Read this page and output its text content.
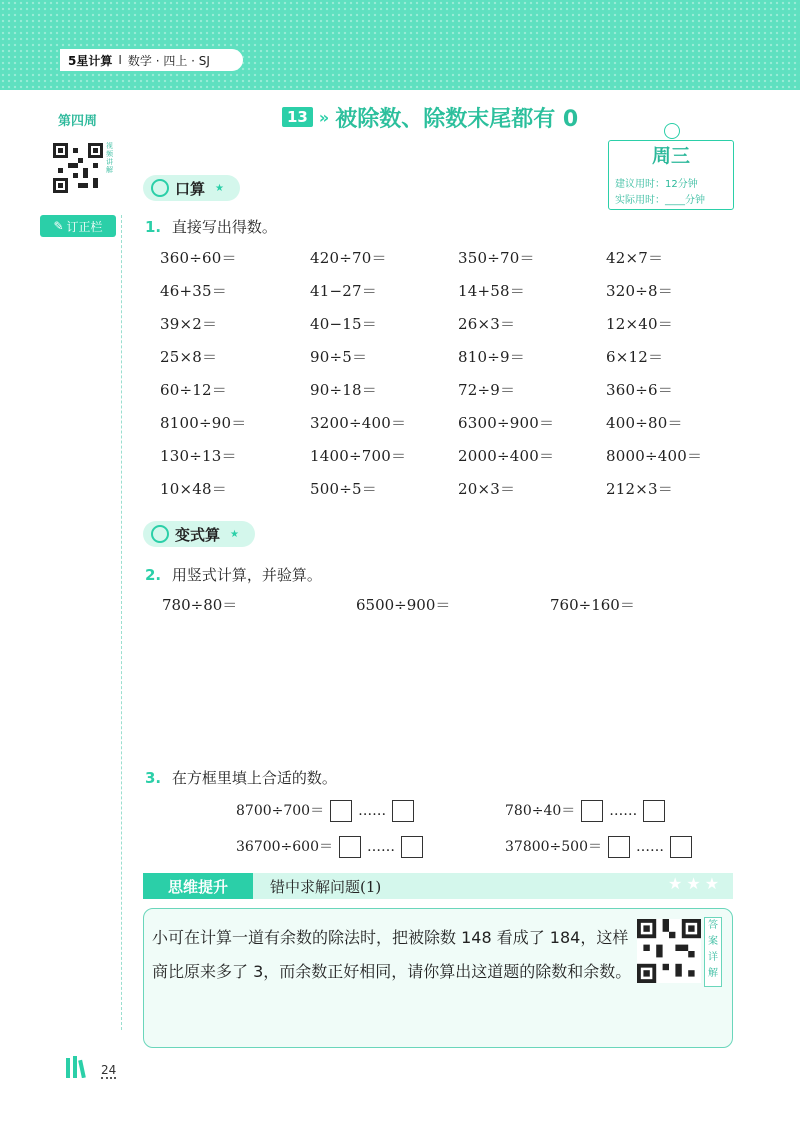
5星计算 I 数学 · 四上 · SJ
第四周
视频讲解
✎ 订正栏
13 » 被除数、除数末尾都有 0
周三
建议用时：12分钟
实际用时：____分钟
口算 ★
1. 直接写出得数。
360÷60＝	420÷70＝	350÷70＝	42×7＝
46+35＝	41−27＝	14+58＝	320÷8＝
39×2＝	40−15＝	26×3＝	12×40＝
25×8＝	90÷5＝	810÷9＝	6×12＝
60÷12＝	90÷18＝	72÷9＝	360÷6＝
8100÷90＝	3200÷400＝	6300÷900＝	400÷80＝
130÷13＝	1400÷700＝	2000÷400＝	8000÷400＝
10×48＝	500÷5＝	20×3＝	212×3＝
变式算 ★
2. 用竖式计算，并验算。
780÷80＝	6500÷900＝	760÷160＝
3. 在方框里填上合适的数。
8700÷700＝ ……	780÷40＝ ……
36700÷600＝ ……	37800÷500＝ ……
思维提升	错中求解问题(1)	★★★
小可在计算一道有余数的除法时，把被除数 148 看成了 184，这样商比原来多了 3，而余数正好相同，请你算出这道题的除数和余数。
答案详解
24
